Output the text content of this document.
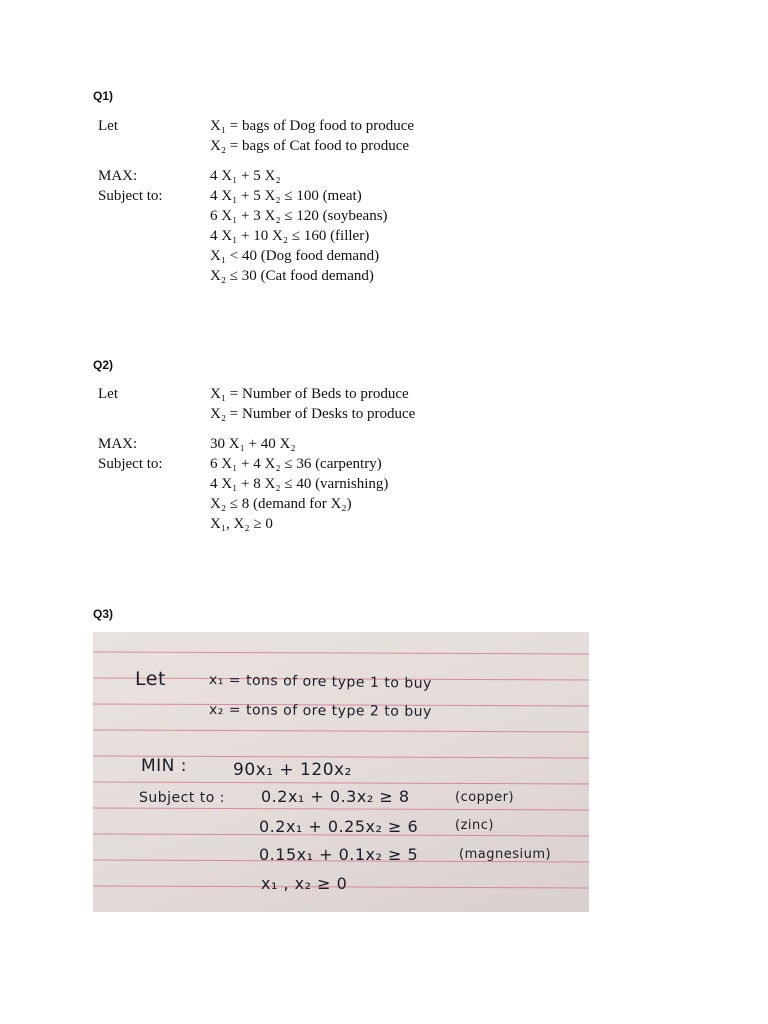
Q1)
Let	X₁ = bags of Dog food to produce
X₂ = bags of Cat food to produce
MAX:	4 X₁ + 5 X₂
Subject to:	4 X₁ + 5 X₂ ≤ 100 (meat)
6 X₁ + 3 X₂ ≤ 120 (soybeans)
4 X₁ + 10 X₂ ≤ 160 (filler)
X₁ < 40 (Dog food demand)
X₂ ≤ 30 (Cat food demand)
Q2)
Let	X₁ = Number of Beds to produce
X₂ = Number of Desks to produce
MAX:	30 X₁ + 40 X₂
Subject to:	6 X₁ + 4 X₂ ≤ 36 (carpentry)
4 X₁ + 8 X₂ ≤ 40 (varnishing)
X₂ ≤ 8 (demand for X₂)
X₁, X₂ ≥ 0
Q3)
Let	x₁ = tons of ore type 1 to buy
x₂ = tons of ore type 2 to buy
MIN :	90x₁ + 120x₂
Subject to : 0.2x₁ + 0.3x₂ ≥ 8	(copper)
0.2x₁ + 0.25x₂ ≥ 6	(zinc)
0.15x₁ + 0.1x₂ ≥ 5	(magnesium)
x₁ , x₂ ≥ 0
